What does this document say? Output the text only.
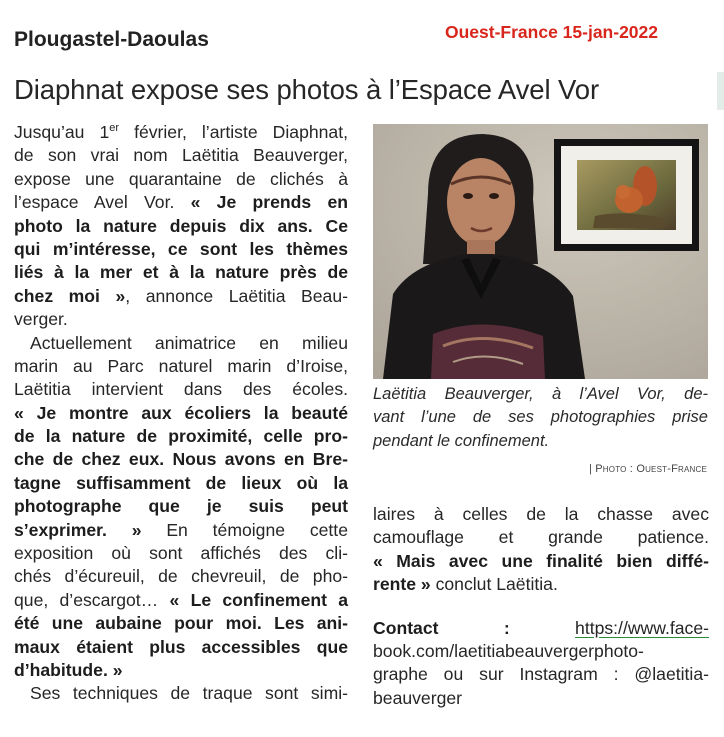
Plougastel-Daoulas	Ouest-France 15-jan-2022
Diaphnat expose ses photos à l’Espace Avel Vor
Jusqu’au 1er février, l’artiste Diaphnat,
de son vrai nom Laëtitia Beauverger,
expose une quarantaine de clichés à
l’espace Avel Vor. « Je prends en
photo la nature depuis dix ans. Ce
qui m’intéresse, ce sont les thèmes
liés à la mer et à la nature près de
chez moi », annonce Laëtitia Beau-
verger.
Actuellement animatrice en milieu
marin au Parc naturel marin d’Iroise,
Laëtitia intervient dans des écoles.
« Je montre aux écoliers la beauté
de la nature de proximité, celle pro-
che de chez eux. Nous avons en Bre-
tagne suffisamment de lieux où la
photographe que je suis peut
s’exprimer. » En témoigne cette
exposition où sont affichés des cli-
chés d’écureuil, de chevreuil, de pho-
que, d’escargot… « Le confinement a
été une aubaine pour moi. Les ani-
maux étaient plus accessibles que
d’habitude. »
Ses techniques de traque sont simi-
Laëtitia Beauverger, à l’Avel Vor, de-
vant l’une de ses photographies prise
pendant le confinement.
| Photo : Ouest-France
laires à celles de la chasse avec
camouflage et grande patience.
« Mais avec une finalité bien diffé-
rente » conclut Laëtitia.
Contact :	https://www.face-
book.com/laetitiabeauvergerphoto-
graphe ou sur Instagram : @laetitia-
beauverger
